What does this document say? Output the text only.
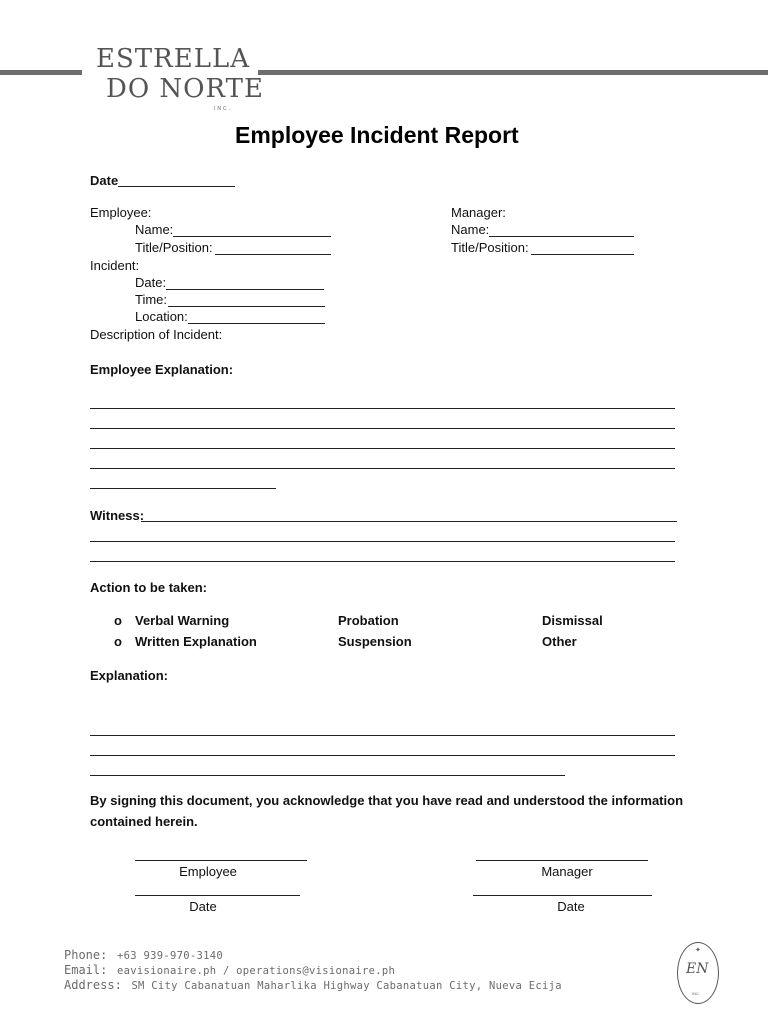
ESTRELLA
DO NORTE
INC.
Employee Incident Report
Date
Employee:
Name:
Title/Position:
Manager:
Name:
Title/Position:
Incident:
Date:
Time:
Location:
Description of Incident:
Employee Explanation:
Witness:
Action to be taken:
o Verbal Warning	Probation	Dismissal
o Written Explanation	Suspension	Other
Explanation:
By signing this document, you acknowledge that you have read and understood the information
contained herein.
Employee	Manager
Date	Date
Phone: +63 939-970-3140
Email: eavisionaire.ph / operations@visionaire.ph
Address: SM City Cabanatuan Maharlika Highway Cabanatuan City, Nueva Ecija
✦
EN
INC.
